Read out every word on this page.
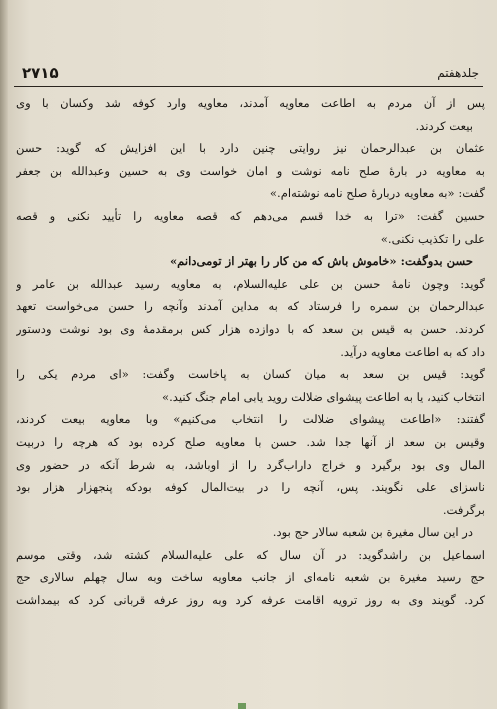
۲۷۱۵	جلدهفتم
پس از آن مردم به اطاعت معاویه آمدند، معاویه وارد کوفه شد وکسان با وی
بیعت کردند.
عثمان بن عبدالرحمان نیز روایتی چنین دارد با این افزایش که گوید: حسن
به معاویه در بارهٔ صلح نامه نوشت و امان خواست وی به حسین وعبدالله بن جعفر
گفت: «به معاویه دربارهٔ صلح نامه نوشته‌ام.»
حسین گفت: «ترا به خدا قسم می‌دهم که قصه معاویه را تأیید نکنی و قصه
علی را تکذیب نکنی.»
حسن بدوگفت: «خاموش باش که من کار را بهتر از تومی‌دانم»
گوید: وچون نامهٔ حسن بن علی علیه‌السلام، به معاویه رسید عبدالله بن عامر و
عبدالرحمان بن سمره را فرستاد که به مداین آمدند وآنچه را حسن می‌خواست تعهد
کردند. حسن به قیس بن سعد که با دوازده هزار کس برمقدمهٔ وی بود نوشت ودستور
داد که به اطاعت معاویه درآید.
گوید: قیس بن سعد به میان کسان به پاخاست وگفت: «ای مردم یکی را
انتخاب کنید، یا به اطاعت پیشوای ضلالت روید یابی امام جنگ کنید.»
گفتند: «اطاعت پیشوای ضلالت را انتخاب می‌کنیم» وبا معاویه بیعت کردند،
وقیس بن سعد از آنها جدا شد. حسن با معاویه صلح کرده بود که هرچه را دربیت
المال وی بود برگیرد و خراج داراب‌گرد را از اوباشد، به شرط آنکه در حضور وی
ناسزای علی نگویند. پس، آنچه را در بیت‌المال کوفه بودکه پنجهزار هزار بود
برگرفت.
در این سال مغیرة بن شعبه سالار حج بود.
اسماعیل بن راشدگوید: در آن سال که علی علیه‌السلام کشته شد، وقتی موسم
حج رسید مغیرة بن شعبه نامه‌ای از جانب معاویه ساخت وبه سال چهلم سالاری حج
کرد. گویند وی به روز ترویه اقامت عرفه کرد وبه روز عرفه قربانی کرد که بیمداشت
